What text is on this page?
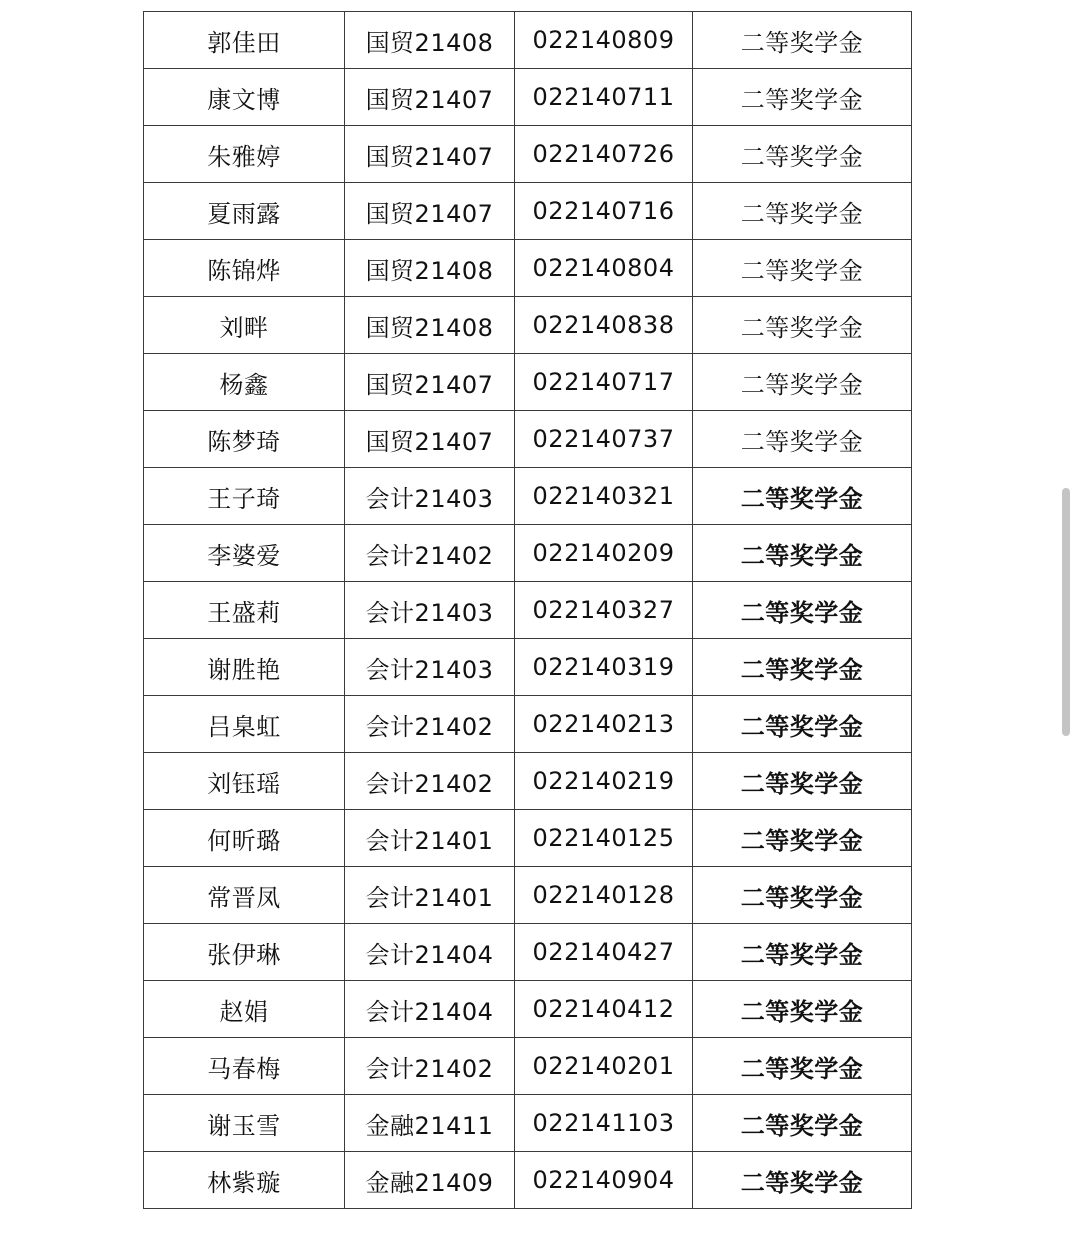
郭佳田	国贸21408	022140809	二等奖学金
康文博	国贸21407	022140711	二等奖学金
朱雅婷	国贸21407	022140726	二等奖学金
夏雨露	国贸21407	022140716	二等奖学金
陈锦烨	国贸21408	022140804	二等奖学金
刘畔	国贸21408	022140838	二等奖学金
杨鑫	国贸21407	022140717	二等奖学金
陈梦琦	国贸21407	022140737	二等奖学金
王子琦	会计21403	022140321	二等奖学金
李婆爱	会计21402	022140209	二等奖学金
王盛莉	会计21403	022140327	二等奖学金
谢胜艳	会计21403	022140319	二等奖学金
吕臬虹	会计21402	022140213	二等奖学金
刘钰瑶	会计21402	022140219	二等奖学金
何昕璐	会计21401	022140125	二等奖学金
常晋凤	会计21401	022140128	二等奖学金
张伊琳	会计21404	022140427	二等奖学金
赵娟	会计21404	022140412	二等奖学金
马春梅	会计21402	022140201	二等奖学金
谢玉雪	金融21411	022141103	二等奖学金
林紫璇	金融21409	022140904	二等奖学金
